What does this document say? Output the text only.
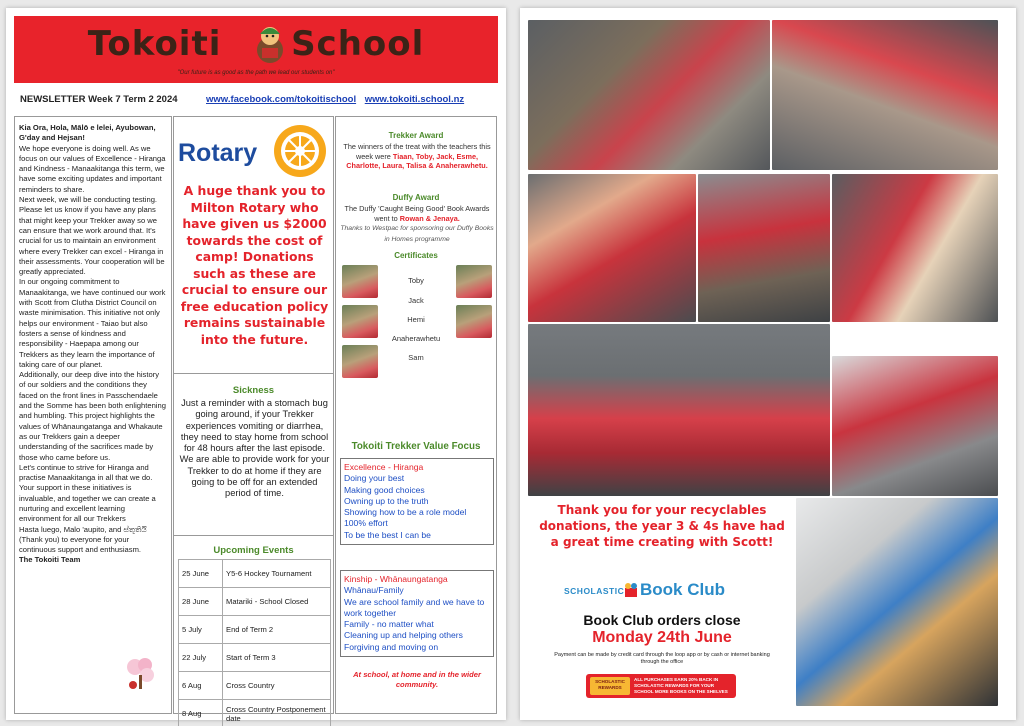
Tokoiti School
"Our future is as good as the path we lead our students on"
NEWSLETTER Week 7 Term 2 2024	www.facebook.com/tokoitischool www.tokoiti.school.nz
Kia Ora, Hola, Mālō e lelei, Ayubowan, G'day and Hejsan!
We hope everyone is doing well. As we focus on our values of Excellence - Hiranga and Kindness - Manaakitanga this term, we have some exciting updates and important reminders to share.
Next week, we will be conducting testing. Please let us know if you have any plans that might keep your Trekker away so we can ensure that we work around that. It's crucial for us to maintain an environment where every Trekker can excel - Hiranga in their assessments. Your cooperation will be greatly appreciated.
In our ongoing commitment to Manaakitanga, we have continued our work with Scott from Clutha District Council on waste minimisation. This initiative not only helps our environment - Taiao but also fosters a sense of kindness and responsibility - Haepapa among our Trekkers as they learn the importance of taking care of our planet.
Additionally, our deep dive into the history of our soldiers and the conditions they faced on the front lines in Passchendaele and the Somme has been both enlightening and humbling. This project highlights the values of Whānaungatanga and Whakaute as our Trekkers gain a deeper understanding of the sacrifices made by those who came before us.
Let's continue to strive for Hiranga and practise Manaakitanga in all that we do. Your support in these initiatives is invaluable, and together we can create a nurturing and excellent learning environment for all our Trekkers
Hasta luego, Malo 'aupito, and ස්තූතියි (Thank you) to everyone for your continuous support and enthusiasm.
The Tokoiti Team
Rotary
A huge thank you to Milton Rotary who have given us $2000 towards the cost of camp! Donations such as these are crucial to ensure our free education policy remains sustainable into the future.
Sickness
Just a reminder with a stomach bug going around, if your Trekker experiences vomiting or diarrhea, they need to stay home from school for 48 hours after the last episode. We are able to provide work for your Trekker to do at home if they are going to be off for an extended period of time.
Upcoming Events
25 June	Y5-6 Hockey Tournament
28 June	Matariki - School Closed
5 July	End of Term 2
22 July	Start of Term 3
6 Aug	Cross Country
8 Aug	Cross Country Postponement date
Trekker Award
The winners of the treat with the teachers this week were Tiaan, Toby, Jack, Esme, Charlotte, Laura, Talisa & Anaherawhetu.
Duffy Award
The Duffy 'Caught Being Good' Book Awards went to Rowan & Jenaya.
Thanks to Westpac for sponsoring our Duffy Books in Homes programme
Certificates
Toby
Jack
Hemi
Anaherawhetu
Sam
Tokoiti Trekker Value Focus
Excellence - Hiranga
Doing your best
Making good choices
Owning up to the truth
Showing how to be a role model
100% effort
To be the best I can be
Kinship - Whānaungatanga
Whānau/Family
We are school family and we have to work together
Family - no matter what
Cleaning up and helping others
Forgiving and moving on
At school, at home and in the wider community.
Thank you for your recyclables donations, the year 3 & 4s have had a great time creating with Scott!
SCHOLASTIC Book Club
Book Club orders close
Monday 24th June
Payment can be made by credit card through the loop app or by cash or internet banking through the office
SCHOLASTIC REWARDS
ALL PURCHASES EARN 20% BACK IN SCHOLASTIC REWARDS FOR YOUR SCHOOL MORE BOOKS ON THE SHELVES
